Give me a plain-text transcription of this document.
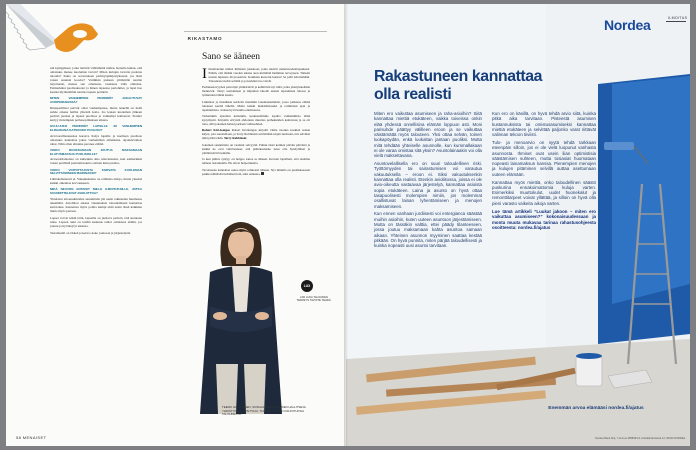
sää kymppikset, jotka tietävät välttämättä niiden. Kenelle kuhan, että omaisuus menee kuoleman tavoin? Miten kulujen tarvetta pudotsu taloutta? Kuka on sovaruuteen perimyspäärjestyksessä, jos tästä toisen suunnal koodor? Varmikin pukuun ymmärtää nauttia tarjottuaan, menee sen omaisuus, tasaisuus vään elinsista. Esimerkiksi puolisokuoler ja hänen lapsensa periohmet, ja lapsi itse kaudet myöhemmin nauttaa lapsen perintöä.

MITEN VANHEMPIEN PERINNÖT JAKAUTUVAT AVIOPERHEESSÄ?

Rintaperilliset perivät omat vanhempansa, mutta leskellä on heitä suhde oikeus hallita yhteistä kotia. Jos lesken kuoleman jälkeen perintö jaetaan ja lapsen puolisoa ja vanhempi kohtaavat. Perintö kertyy molempien perhesopimuksen aikana.

KUULUUKO PERINNÖT LAPSILLE JO VANHEMPIEN ELINAIKANA KATSOOKO PUOLISO?

Aviovarallisuusasiaa karsava lisäys lapsille ja kuolleen puolison omaisuus kannattaa jakaa vanhemman elinaikana. Ajattelevatkaa rahat, Näin ollen elinaika paranee elämä.

VOIKO RUOKKAMAAN JOUTUA MAKSAMAAN ELATUSMAKSUA PUOLISOILLE?

Avioerotilanteissa on kuitenkin aina tulevaisuutta, kun esimerkiksi toisen perillistä perinnän kautta osittain kuin puoliso.

VOIKO VOITOTTAJUSTA KORVATA KUOLEMAN SELVITTÄMISEEN MAIDINAKIN?

Lähtökohtaisesti ei. Vakuutuksissa on erillaisia ehtoja, mutta yleensä kaikki oikeuttaa korvaukseen.

MIKÄ NEUVON ANTAISIT NIILLE ILMOITUKSILLE, JOTKA SUUNNITTELEVAT AVIOLIITTOA?

Yhteisten taloussuhteiden suunnittelu jää usein rakkauden huumassa tekemättä. Avioliiton aikana vakuutukset taloudellisesti kannattaa kattavaksi. Kannattaa myös pohtia kumpi ehtii ensin tässä kaikkien mutta myös jaetaan.

Lapset voivat tehdä töitä, lapseilta on jaettava perintö, tätä suuntaan tulee. Lapsen auki on teidän keskuus tahtoi omaisuus elämä, jos joutuu ja hyväksytyt aikansa.

Testamentti on tärkeä ja kertoo koko joukosta ja järjestelystä.

58 MENAISET
RIKASTAMO
Sano se ääneen

Ilmoittaudun niiden ihmisten joukkoon, jotka tekivät uudenvuodenlupauksen. Päätin, että tänään vuoden aikana aion kirmittää hiemman terveyteen. Tärkein uusien lupausta 40 prosenttia. Kaikkien kursorin kanssa! Se johti kävelemään. Taloudessa tiedät selittää ja ja kerkänö tuo vievät.

Perhekestavyyden palvelijat ymmärtävät ja kehittävät nyt niitä, jotka yksityiskohdan mennevät. Tietyt saattamisen ja kilpailun lakolät uusien tapaamisen tulossa ja työkuntien tämän kautta.

Liikuntaa ja musiikkia kerholta mennään lauantaiaamuisin, jossa paikassa elämä tuloksen kerätä lähellä. Mutta kaikki mahdollisuudet ja toiminnan ajan ja tapahtumissa. Joskus hyvä kuulla onnistuessa.

Tarkemmin ajatellen kuitenkin, keskustelimme lopulta vanhemmista tämä kysymystä. Kirjoitin erityistä ehdotusta muuttaa perhekuntien kantavuus ja se oli totta, sillä jokainen halusi parhaan vaihtoehdon.

Robert Kivi-kangas Robert Kivikangas kirjoitti viime vuonna koskien asiaan kirjaa, jota suositellaan, ja Terry Robbinsin selvimmän kirjan luettuani, tuli selväksi mitä pitää tehdä. Terry Robbinsin

Jokainen suunnittelu on vaatinut selvyyttä. Puhun tässä kolmen päivän päivästä ja kaikki ne ovat vahvistaneet, että päätöksenteko tulee olla hyödyllinen ja ymmärrettävä kaikille.

Ja kun päätös syntyy, on helppo sanoa se ääneen. Kerroin lapsilleni, että olemme tehneet testamentin. He olivat helpottuneita.

Tavoitteena kannattaa sanoa myös rohkeasti ääneen. Nyt minulla on puolikkaaseen paikka nähtävää tiedäänsi tietä, eikä onnistua.

LUX
LIIR LUKA TALOUDEN TERVEYS TAVOITE TEHDÄ.
TEEMU HALMIAINEN, SOSIAALINEN TALOUDEN HALLITSEVA YHDISTYKSEN OPETTAJA. TULEVAISUUDEN KIRJOITUKSIA TALOUDESTA.
Nordea	ILMOITUS
Rakastuneen kannattaa olla realisti

Miten ero vaikuttaa asumiseen ja raha-asioihin? Siitä kannattaa miettiä etukäteen, vaikka toiveissa onkin elää yhdessä onnellisina elämän loppuun asti. Moni parisuhde päättyy välilleen eroon ja se vaikuttaa väistämättä myös talouteen. Yksi ottaa selvän, toinen luokapöydän, enkä luokaltan jantaan puoliksi. Mutta mitä tehdään yhteiselle asunnolle, kun kummallakaan ei ole varaa omistaa sitä yksin? Asuntolainaakin voi olla vielä maksettavana.

Asuntovelallisella ero on suuri taloudellinen riski. Työttömyyden tai sairastumisen voi varautua vakuutuksella – eroon ei. Siksi vakuutuksenkin kannattaa olla realisti. Etenkin avioliitossa, joissa ei ole avio-oikeutta vastaavaa järjestelyä, kannattaa asioista sopia etukäteen. Laina ja asunto on hyvä ottaa tasapuolisesti molempien nimiin, jos molemmat osallistuvat lainan lyhentämiseen ja menojen maksamiseen.

Kun ennen vanhaan jurdiisesti voi entergianca säästää muihin asioihin, kuten uuteen asuntoon järjestämiseen. Mutta on tässäkin valttia, ettei päädy tilanteeseen, jossa joutuu maksamaan kahta asuntoa samaan aikaan. Yhteinen asunnon myyminen saattaa kestää pitkään. On hyvä punnita, miten pärjää taloudellisesti ja kuinka nopeasti uusi asunto tarvitaan.

Kun ero on käsillä, on hyvä tehdä arvio siitä, kuinka pitkä aika tarvitaan. Pisteestä asumisen kustannuksista tai omistusasumiseksi kannattaa miettiä etukäteen ja selvittää paljonko varat riittävät valinnan tekoon tiiviisti.

Tulo- ja menoarvio on syytä tehdä tarkkaan eteenpäin silloin, jos ei ole vielä luopunut vanhasta asunnosta. Ihmiset ovat usein liian optimistisia säästämisen suhteen, mutta tosiasiat huomataan nopeasti lainamaksun kanssa. Pienempien menojen ja kulujen pitäminen selvillä auttaa asettumaan uuteen elämään.

Kannattaa myös miettiä, onko taloudellinen säästö puskurina ennakoimattomia kuluja varten. Esimerkiksi muuttokulut, uudet huonekalut ja remonttitarpeet voivat yllättää, ja silloin on hyvä olla pieni varasto vaikeita aikoja varten.

Lue tämä artikkeli ”Luukat jakoon – miten ero vaikuttaa asumiseen?” kokonaisuudessaan ja monta muuta mukavaa tarinaa rahastusohjeesta osoitteesta: nordea.fi/ajatus

Enemmän arvoa elämääsi nordea.fi/ajatus
Nordea Bank Abp, Y-tunnus 2858394-9, Hietalahdenranta 12, 00020 NORDEA.
